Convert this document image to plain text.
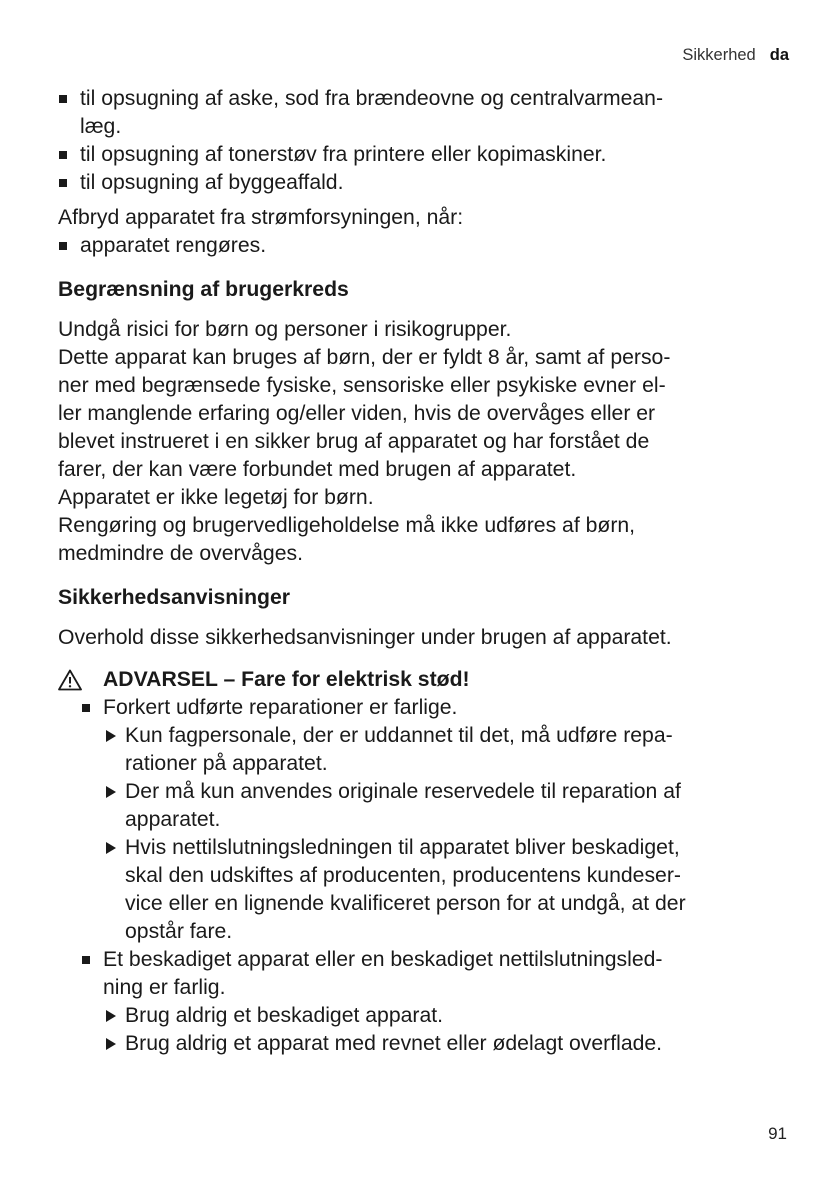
Sikkerhed da
til opsugning af aske, sod fra brændeovne og centralvarmean-
læg.
til opsugning af tonerstøv fra printere eller kopimaskiner.
til opsugning af byggeaffald.

Afbryd apparatet fra strømforsyningen, når:

apparatet rengøres.
Begrænsning af brugerkreds

Undgå risici for børn og personer i risikogrupper.

Dette apparat kan bruges af børn, der er fyldt 8 år, samt af perso-
ner med begrænsede fysiske, sensoriske eller psykiske evner el-
ler manglende erfaring og/eller viden, hvis de overvåges eller er
blevet instrueret i en sikker brug af apparatet og har forstået de
farer, der kan være forbundet med brugen af apparatet.

Apparatet er ikke legetøj for børn.

Rengøring og brugervedligeholdelse må ikke udføres af børn,
medmindre de overvåges.

Sikkerhedsanvisninger

Overhold disse sikkerhedsanvisninger under brugen af apparatet.

ADVARSEL – Fare for elektrisk stød!
Forkert udførte reparationer er farlige.
Kun fagpersonale, der er uddannet til det, må udføre repa-
rationer på apparatet.
Der må kun anvendes originale reservedele til reparation af
apparatet.
Hvis nettilslutningsledningen til apparatet bliver beskadiget,
skal den udskiftes af producenten, producentens kundeser-
vice eller en lignende kvalificeret person for at undgå, at der
opstår fare.
Et beskadiget apparat eller en beskadiget nettilslutningsled-
ning er farlig.
Brug aldrig et beskadiget apparat.
Brug aldrig et apparat med revnet eller ødelagt overflade.
91
